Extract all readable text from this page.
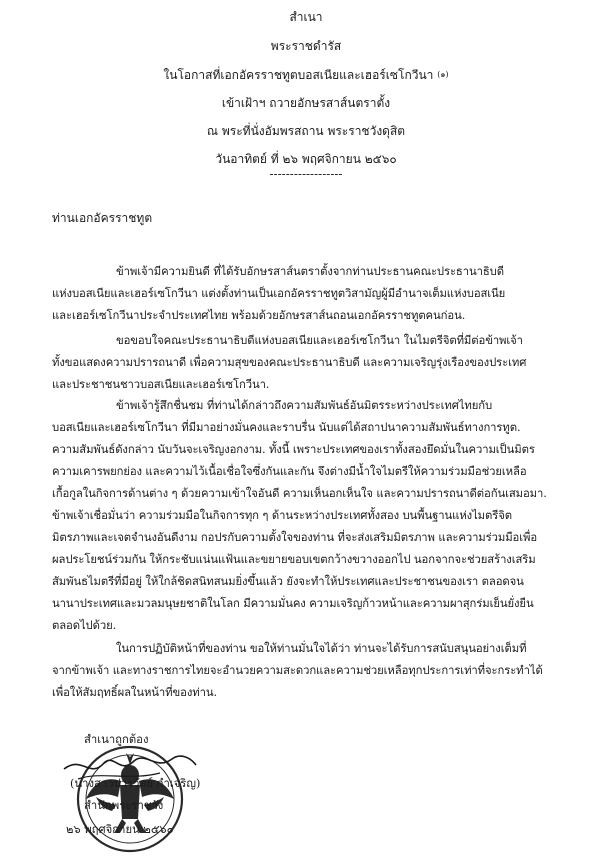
สำเนา
พระราชดำรัส
ในโอกาสที่เอกอัครราชทูตบอสเนียและเฮอร์เซโกวีนา $^{(๑)}$
เข้าเฝ้าฯ ถวายอักษรสาส์นตราตั้ง
ณ พระที่นั่งอัมพรสถาน พระราชวังดุสิต
วันอาทิตย์ ที่ ๒๖ พฤศจิกายน ๒๕๖๐
------------------
ท่านเอกอัครราชทูต
ข้าพเจ้ามีความยินดี ที่ได้รับอักษรสาส์นตราตั้งจากท่านประธานคณะประธานาธิบดี
แห่งบอสเนียและเฮอร์เซโกวีนา แต่งตั้งท่านเป็นเอกอัครราชทูตวิสามัญผู้มีอำนาจเต็มแห่งบอสเนีย
และเฮอร์เซโกวีนาประจำประเทศไทย พร้อมด้วยอักษรสาส์นถอนเอกอัครราชทูตคนก่อน.
ขอขอบใจคณะประธานาธิบดีแห่งบอสเนียและเฮอร์เซโกวีนา ในไมตรีจิตที่มีต่อข้าพเจ้า
ทั้งขอแสดงความปรารถนาดี เพื่อความสุขของคณะประธานาธิบดี และความเจริญรุ่งเรืองของประเทศ
และประชาชนชาวบอสเนียและเฮอร์เซโกวีนา.
ข้าพเจ้ารู้สึกชื่นชม ที่ท่านได้กล่าวถึงความสัมพันธ์อันมิตรระหว่างประเทศไทยกับ
บอสเนียและเฮอร์เซโกวีนา ที่มีมาอย่างมั่นคงและราบรื่น นับแต่ได้สถาปนาความสัมพันธ์ทางการทูต.
ความสัมพันธ์ดังกล่าว นับวันจะเจริญงอกงาม. ทั้งนี้ เพราะประเทศของเราทั้งสองยึดมั่นในความเป็นมิตร
ความเคารพยกย่อง และความไว้เนื้อเชื่อใจซึ่งกันและกัน จึงต่างมีน้ำใจไมตรีให้ความร่วมมือช่วยเหลือ
เกื้อกูลในกิจการด้านต่าง ๆ ด้วยความเข้าใจอันดี ความเห็นอกเห็นใจ และความปรารถนาดีต่อกันเสมอมา.
ข้าพเจ้าเชื่อมั่นว่า ความร่วมมือในกิจการทุก ๆ ด้านระหว่างประเทศทั้งสอง บนพื้นฐานแห่งไมตรีจิต
มิตรภาพและเจตจำนงอันดีงาม กอปรกับความตั้งใจของท่าน ที่จะส่งเสริมมิตรภาพ และความร่วมมือเพื่อ
ผลประโยชน์ร่วมกัน ให้กระชับแน่นแฟ้นและขยายขอบเขตกว้างขวางออกไป นอกจากจะช่วยสร้างเสริม
สัมพันธไมตรีที่มีอยู่ ให้ใกล้ชิดสนิทสนมยิ่งขึ้นแล้ว ยังจะทำให้ประเทศและประชาชนของเรา ตลอดจน
นานาประเทศและมวลมนุษยชาติในโลก มีความมั่นคง ความเจริญก้าวหน้าและความผาสุกร่มเย็นยั่งยืน
ตลอดไปด้วย.
ในการปฏิบัติหน้าที่ของท่าน ขอให้ท่านมั่นใจได้ว่า ท่านจะได้รับการสนับสนุนอย่างเต็มที่
จากข้าพเจ้า และทางราชการไทยจะอำนวยความสะดวกและความช่วยเหลือทุกประการเท่าที่จะกระทำได้
เพื่อให้สัมฤทธิ์ผลในหน้าที่ของท่าน.
สำเนาถูกต้อง
(นางสาวปวรวัลย์ กำเจริญ)
สำนักพระราชวัง
๒๖ พฤศจิกายน ๒๕๖๐
